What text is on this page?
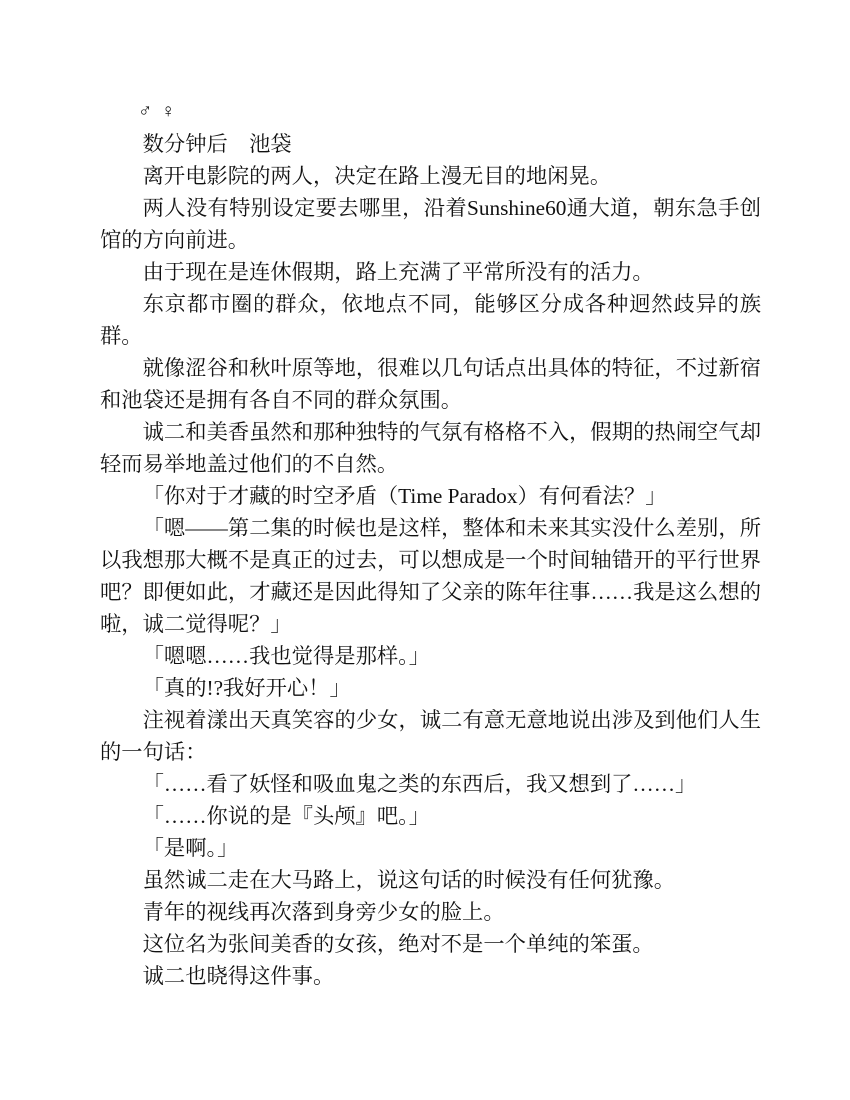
♂ ♀

数分钟后　池袋

离开电影院的两人，决定在路上漫无目的地闲晃。

两人没有特别设定要去哪里，沿着Sunshine60通大道，朝东急手创馆的方向前进。

由于现在是连休假期，路上充满了平常所没有的活力。

东京都市圈的群众，依地点不同，能够区分成各种迥然歧异的族群。

就像涩谷和秋叶原等地，很难以几句话点出具体的特征，不过新宿和池袋还是拥有各自不同的群众氛围。

诚二和美香虽然和那种独特的气氛有格格不入，假期的热闹空气却轻而易举地盖过他们的不自然。

「你对于才藏的时空矛盾（Time Paradox）有何看法？」

「嗯——第二集的时候也是这样，整体和未来其实没什么差别，所以我想那大概不是真正的过去，可以想成是一个时间轴错开的平行世界吧？即便如此，才藏还是因此得知了父亲的陈年往事……我是这么想的啦，诚二觉得呢？」

「嗯嗯……我也觉得是那样。」

「真的!?我好开心！」

注视着漾出天真笑容的少女，诚二有意无意地说出涉及到他们人生的一句话：

「……看了妖怪和吸血鬼之类的东西后，我又想到了……」

「……你说的是『头颅』吧。」

「是啊。」

虽然诚二走在大马路上，说这句话的时候没有任何犹豫。

青年的视线再次落到身旁少女的脸上。

这位名为张间美香的女孩，绝对不是一个单纯的笨蛋。

诚二也晓得这件事。
